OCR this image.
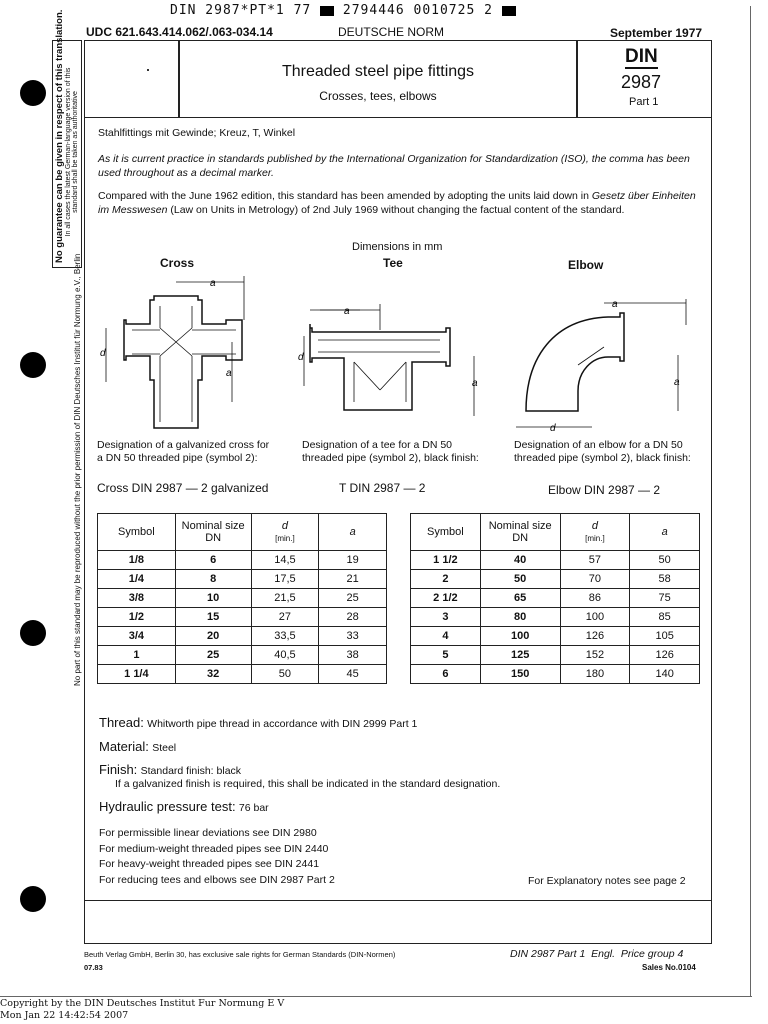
DIN 2987*PT*1 77 2794446 0010725 2
UDC 621.643.414.062/.063-034.14	DEUTSCHE NORM	September 1977
Threaded steel pipe fittings
Crosses, tees, elbows
DIN
2987
Part 1
No guarantee can be given in respect of this translation. In all cases the latest German-language version of this standard shall be taken as authoritative
No part of this standard may be reproduced without the prior permission of DIN Deutsches Institut für Normung e.V., Berlin
Stahlfittings mit Gewinde; Kreuz, T, Winkel
As it is current practice in standards published by the International Organization for Standardization (ISO), the comma has been used throughout as a decimal marker.
Compared with the June 1962 edition, this standard has been amended by adopting the units laid down in Gesetz über Einheiten im Messwesen (Law on Units in Metrology) of 2nd July 1969 without changing the factual content of the standard.
Dimensions in mm
Cross	Tee	Elbow
a
d
a
a
d
a
a
d
a
Designation of a galvanized cross for a DN 50 threaded pipe (symbol 2):
Cross DIN 2987 — 2 galvanized
Designation of a tee for a DN 50 threaded pipe (symbol 2), black finish:
T DIN 2987 — 2
Designation of an elbow for a DN 50 threaded pipe (symbol 2), black finish:
Elbow DIN 2987 — 2
Symbol	Nominal size DN	d
[min.]	a
1/8	6	14,5	19
1/4	8	17,5	21
3/8	10	21,5	25
1/2	15	27	28
3/4	20	33,5	33
1	25	40,5	38
1 1/4	32	50	45
Symbol	Nominal size DN	d
[min.]	a
1 1/2	40	57	50
2	50	70	58
2 1/2	65	86	75
3	80	100	85
4	100	126	105
5	125	152	126
6	150	180	140
Thread: Whitworth pipe thread in accordance with DIN 2999 Part 1
Material: Steel
Finish: Standard finish: black
If a galvanized finish is required, this shall be indicated in the standard designation.
Hydraulic pressure test: 76 bar
For permissible linear deviations see DIN 2980
For medium-weight threaded pipes see DIN 2440
For heavy-weight threaded pipes see DIN 2441
For reducing tees and elbows see DIN 2987 Part 2	For Explanatory notes see page 2
Beuth Verlag GmbH, Berlin 30, has exclusive sale rights for German Standards (DIN-Normen)
07.83
DIN 2987 Part 1  Engl.  Price group 4
Sales No.0104
Copyright by the DIN Deutsches Institut Fur Normung E V
Mon Jan 22 14:42:54 2007
